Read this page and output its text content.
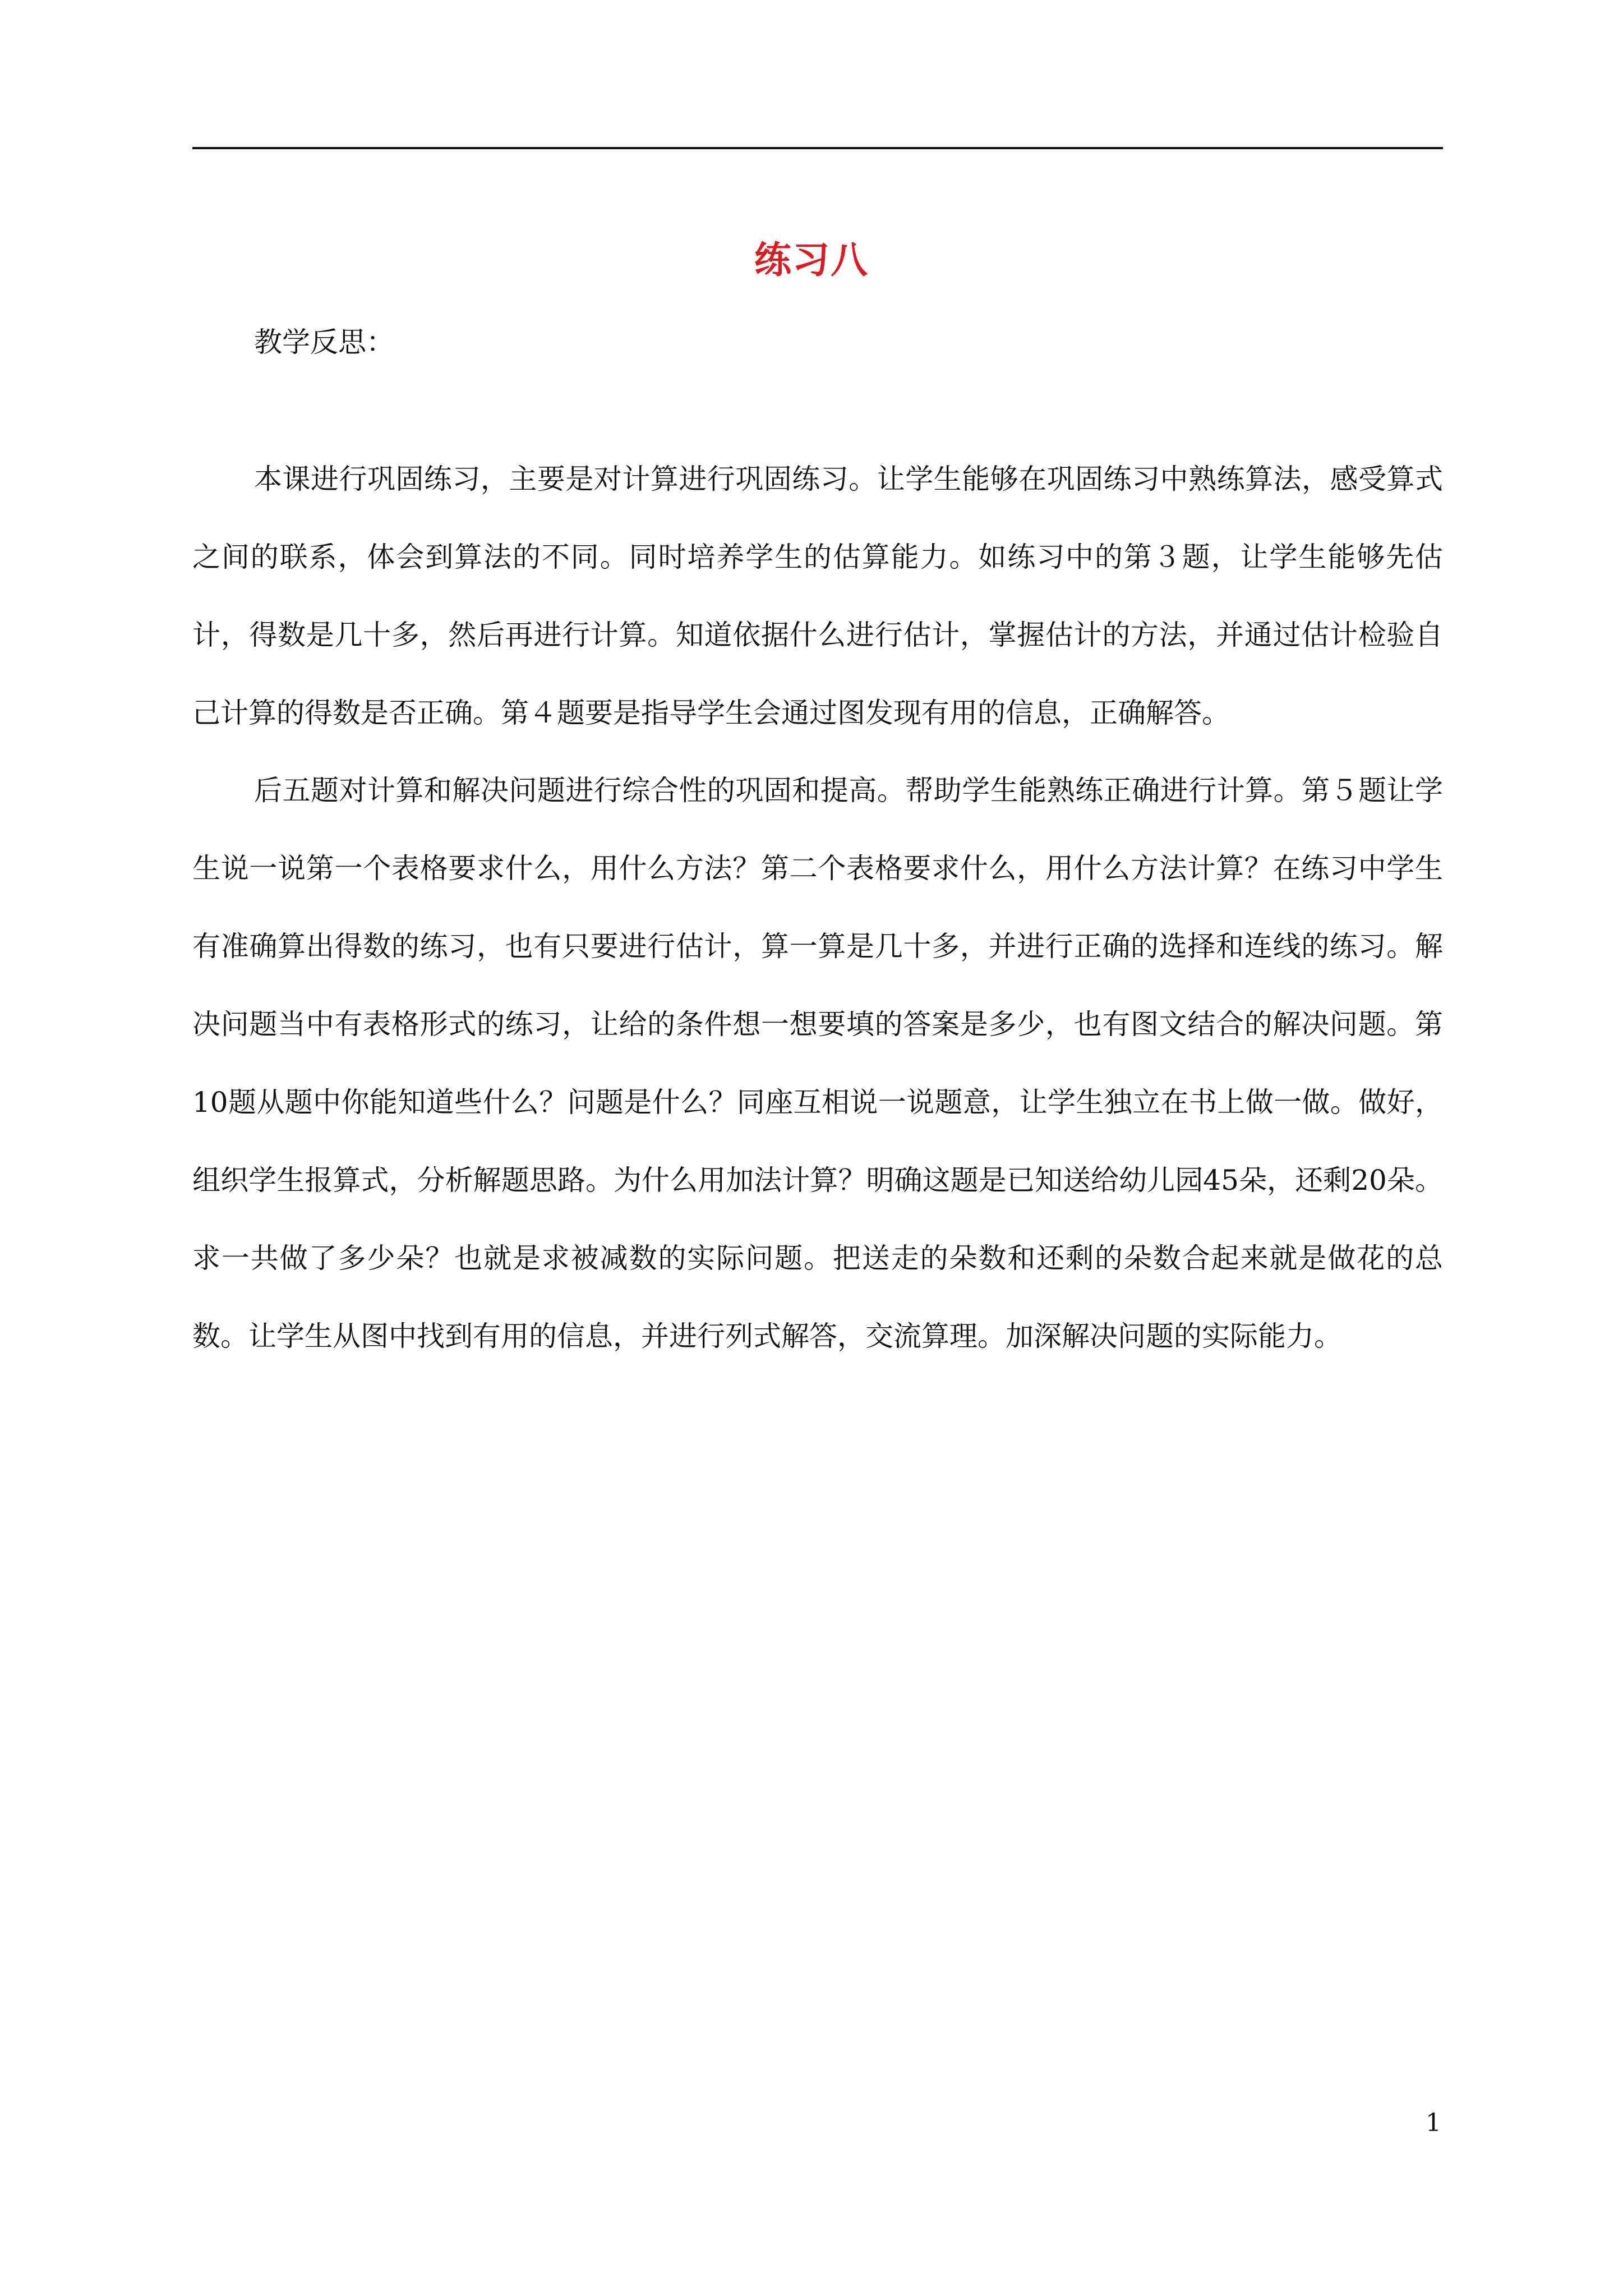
练习八
教学反思：

本课进行巩固练习，主要是对计算进行巩固练习。让学生能够在巩固练习中熟练算法，感受算式之间的联系，体会到算法的不同。同时培养学生的估算能力。如练习中的第３题，让学生能够先估计，得数是几十多，然后再进行计算。知道依据什么进行估计，掌握估计的方法，并通过估计检验自己计算的得数是否正确。第４题要是指导学生会通过图发现有用的信息，正确解答。

后五题对计算和解决问题进行综合性的巩固和提高。帮助学生能熟练正确进行计算。第５题让学生说一说第一个表格要求什么，用什么方法？第二个表格要求什么，用什么方法计算？在练习中学生有准确算出得数的练习，也有只要进行估计，算一算是几十多，并进行正确的选择和连线的练习。解决问题当中有表格形式的练习，让给的条件想一想要填的答案是多少，也有图文结合的解决问题。第10题从题中你能知道些什么？问题是什么？同座互相说一说题意，让学生独立在书上做一做。做好，组织学生报算式，分析解题思路。为什么用加法计算？明确这题是已知送给幼儿园45朵，还剩20朵。求一共做了多少朵？也就是求被减数的实际问题。把送走的朵数和还剩的朵数合起来就是做花的总数。让学生从图中找到有用的信息，并进行列式解答，交流算理。加深解决问题的实际能力。

1
